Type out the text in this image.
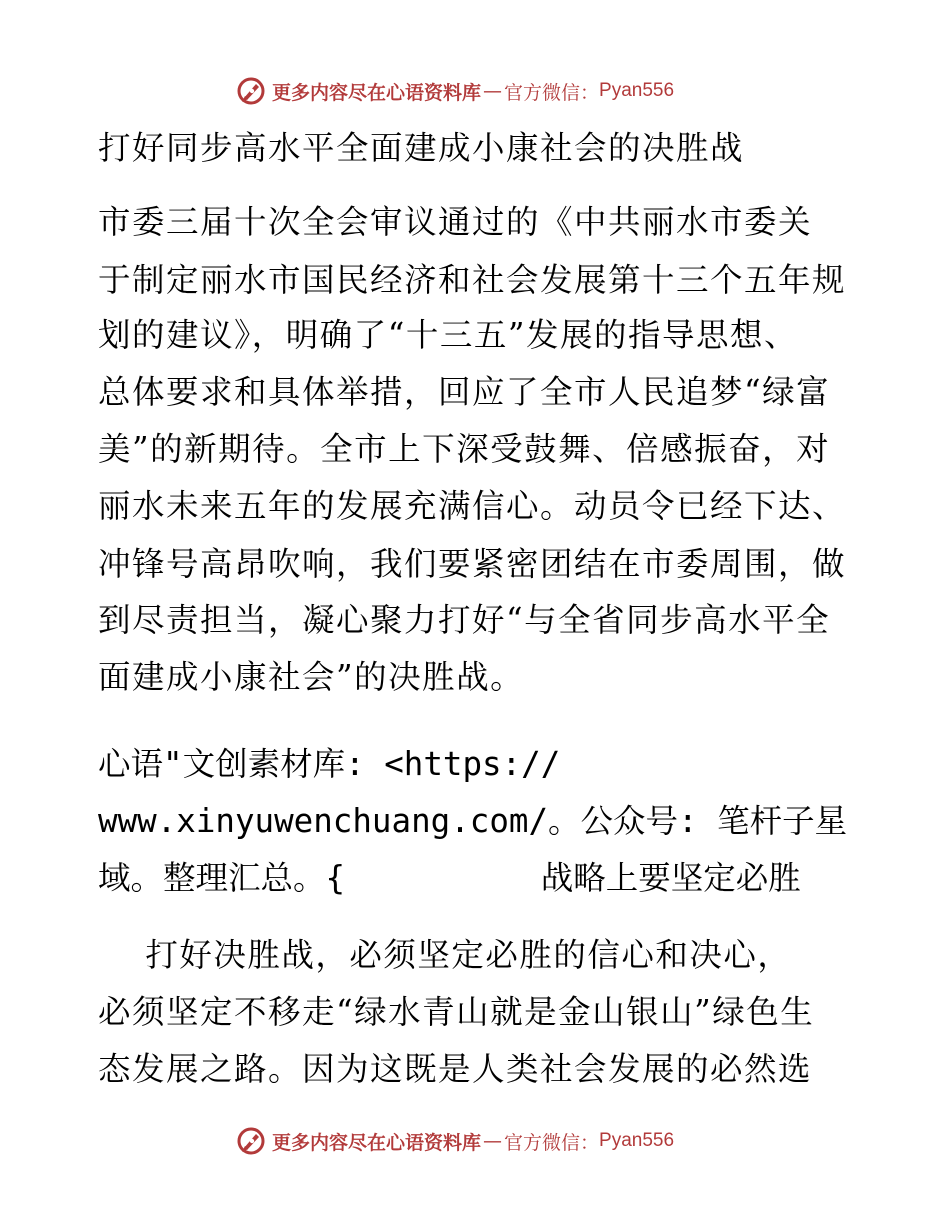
更多内容尽在心语资料库 — 官方微信： Pyan556
打好同步高水平全面建成小康社会的决胜战
市委三届十次全会审议通过的《中共丽水市委关
于制定丽水市国民经济和社会发展第十三个五年规
划的建议》，明确了“十三五”发展的指导思想、
总体要求和具体举措，回应了全市人民追梦“绿富
美”的新期待。全市上下深受鼓舞、倍感振奋，对
丽水未来五年的发展充满信心。动员令已经下达、
冲锋号高昂吹响，我们要紧密团结在市委周围，做
到尽责担当，凝心聚力打好“与全省同步高水平全
面建成小康社会”的决胜战。
心语"文创素材库: <https://
www.xinyuwenchuang.com/。公众号: 笔杆子星
域。整理汇总。{          战略上要坚定必胜
打好决胜战，必须坚定必胜的信心和决心，
必须坚定不移走“绿水青山就是金山银山”绿色生
态发展之路。因为这既是人类社会发展的必然选
更多内容尽在心语资料库 — 官方微信： Pyan556
